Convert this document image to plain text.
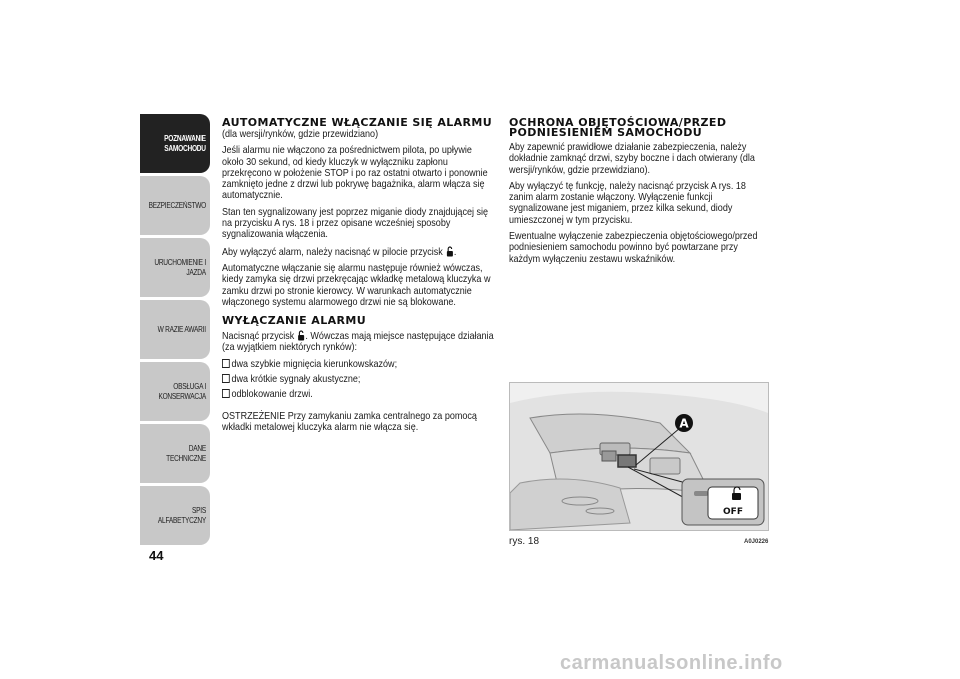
POZNAWANIE
SAMOCHODU
BEZPIECZEŃSTWO
URUCHOMIENIE I
JAZDA
W RAZIE AWARII
OBSŁUGA I
KONSERWACJA
DANE TECHNICZNE
SPIS ALFABETYCZNY
44
AUTOMATYCZNE WŁĄCZANIE SIĘ ALARMU

(dla wersji/rynków, gdzie przewidziano)

Jeśli alarmu nie włączono za pośrednictwem pilota, po upływie około 30 sekund, od kiedy kluczyk w wyłączniku zapłonu przekręcono w położenie STOP i po raz ostatni otwarto i ponownie zamknięto jedne z drzwi lub pokrywę bagażnika, alarm włącza się automatycznie.

Stan ten sygnalizowany jest poprzez miganie diody znajdującej się na przycisku A rys. 18 i przez opisane wcześniej sposoby sygnalizowania włączenia.

Aby wyłączyć alarm, należy nacisnąć w pilocie przycisk .

Automatyczne włączanie się alarmu następuje również wówczas, kiedy zamyka się drzwi przekręcając wkładkę metalową kluczyka w zamku drzwi po stronie kierowcy. W warunkach automatycznie włączonego systemu alarmowego drzwi nie są blokowane.

WYŁĄCZANIE ALARMU

Nacisnąć przycisk . Wówczas mają miejsce następujące działania (za wyjątkiem niektórych rynków):

dwa szybkie mignięcia kierunkowskazów;
dwa krótkie sygnały akustyczne;
odblokowanie drzwi.

OSTRZEŻENIE Przy zamykaniu zamka centralnego za pomocą wkładki metalowej kluczyka alarm nie włącza się.

OCHRONA OBJĘTOŚCIOWA/PRZED PODNIESIENIEM SAMOCHODU

Aby zapewnić prawidłowe działanie zabezpieczenia, należy dokładnie zamknąć drzwi, szyby boczne i dach otwierany (dla wersji/rynków, gdzie przewidziano).

Aby wyłączyć tę funkcję, należy nacisnąć przycisk A rys. 18 zanim alarm zostanie włączony. Wyłączenie funkcji sygnalizowane jest miganiem, przez kilka sekund, diody umieszczonej w tym przycisku.

Ewentualne wyłączenie zabezpieczenia objętościowego/przed podniesieniem samochodu powinno być powtarzane przy każdym wyłączeniu zestawu wskaźników.

A
OFF
rys. 18	A0J0226
carmanualsonline.info
